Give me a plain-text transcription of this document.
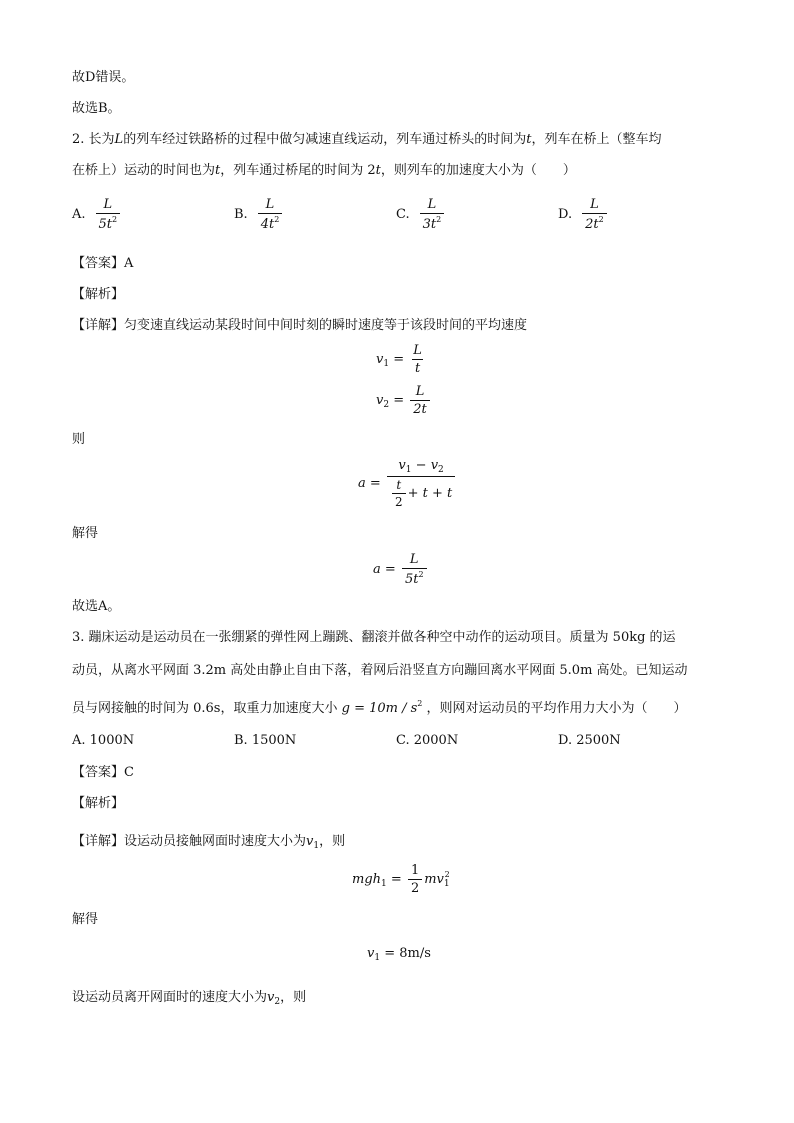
故D错误。
故选B。
2. 长为L的列车经过铁路桥的过程中做匀减速直线运动，列车通过桥头的时间为t，列车在桥上（整车均
在桥上）运动的时间也为t，列车通过桥尾的时间为 2t，则列车的加速度大小为（　　）
A. $\frac{L}{5t^2}$	B. $\frac{L}{4t^2}$	C. $\frac{L}{3t^2}$	D. $\frac{L}{2t^2}$
【答案】A
【解析】
【详解】匀变速直线运动某段时间中间时刻的瞬时速度等于该段时间的平均速度
$v_1 = \frac{L}{t}$
$v_2 = \frac{L}{2t}$
则
$a = \frac{v_1 - v_2}{\frac{t}{2} + t + t}$
解得
$a = \frac{L}{5t^2}$
故选A。
3. 蹦床运动是运动员在一张绷紧的弹性网上蹦跳、翻滚并做各种空中动作的运动项目。质量为 50kg 的运
动员，从离水平网面 3.2m 高处由静止自由下落，着网后沿竖直方向蹦回离水平网面 5.0m 高处。已知运动
员与网接触的时间为 0.6s，取重力加速度大小 $g = 10m / s^2$ ，则网对运动员的平均作用力大小为（　　）
A. 1000N	B. 1500N	C. 2000N	D. 2500N
【答案】C
【解析】
【详解】设运动员接触网面时速度大小为$v_1$，则
$mgh_1 = \frac{1}{2} mv_1^2$
解得
$v_1 = 8m/s$
设运动员离开网面时的速度大小为$v_2$，则
